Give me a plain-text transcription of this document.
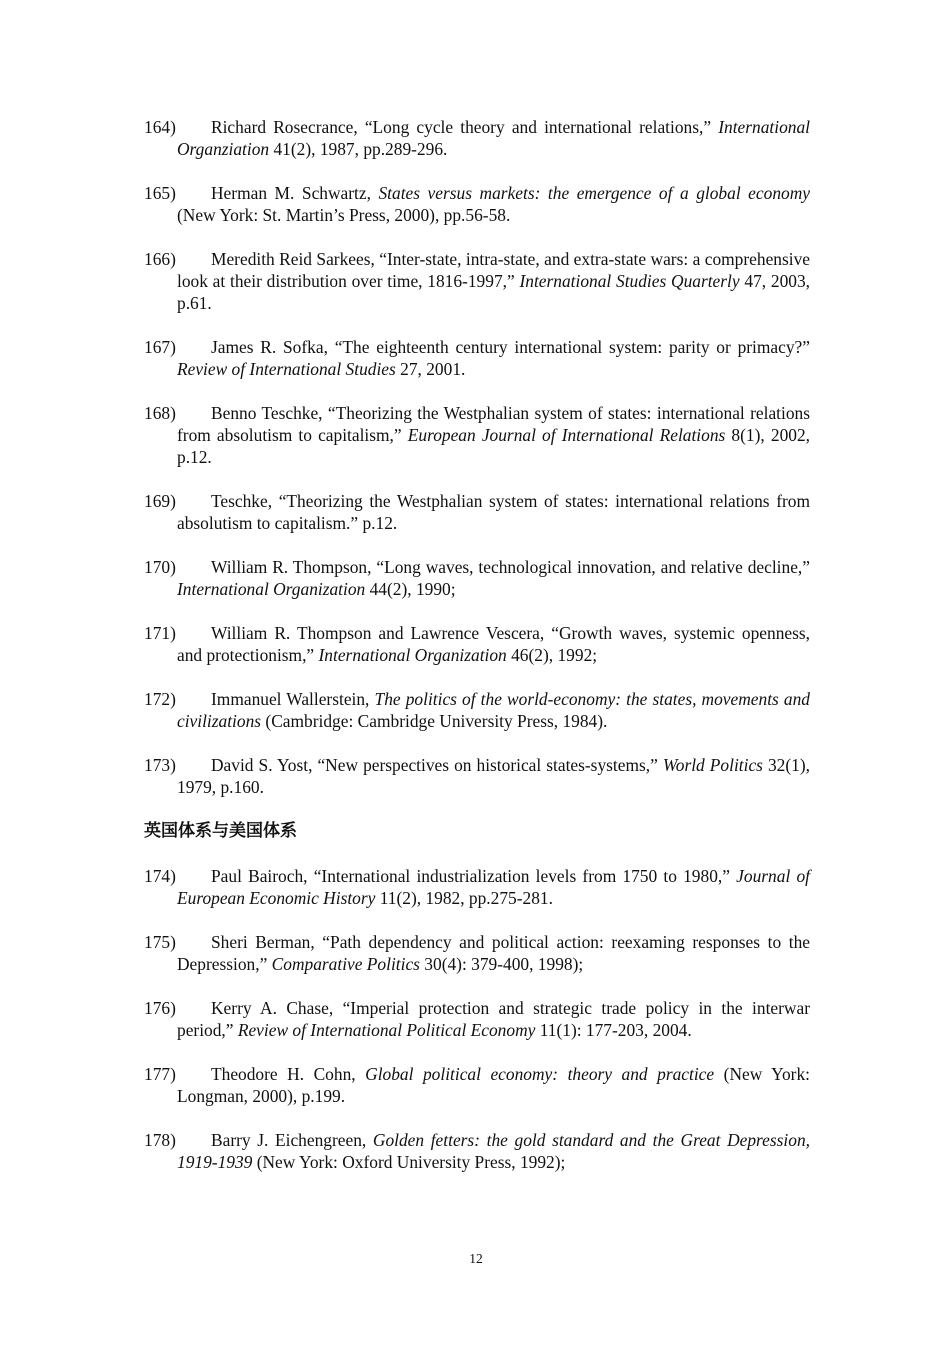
164) Richard Rosecrance, “Long cycle theory and international relations,” International Organziation 41(2), 1987, pp.289-296.
165) Herman M. Schwartz, States versus markets: the emergence of a global economy (New York: St. Martin’s Press, 2000), pp.56-58.
166) Meredith Reid Sarkees, “Inter-state, intra-state, and extra-state wars: a comprehensive look at their distribution over time, 1816-1997,” International Studies Quarterly 47, 2003, p.61.
167) James R. Sofka, “The eighteenth century international system: parity or primacy?” Review of International Studies 27, 2001.
168) Benno Teschke, “Theorizing the Westphalian system of states: international relations from absolutism to capitalism,” European Journal of International Relations 8(1), 2002, p.12.
169) Teschke, “Theorizing the Westphalian system of states: international relations from absolutism to capitalism.” p.12.
170) William R. Thompson, “Long waves, technological innovation, and relative decline,” International Organization 44(2), 1990;
171) William R. Thompson and Lawrence Vescera, “Growth waves, systemic openness, and protectionism,” International Organization 46(2), 1992;
172) Immanuel Wallerstein, The politics of the world-economy: the states, movements and civilizations (Cambridge: Cambridge University Press, 1984).
173) David S. Yost, “New perspectives on historical states-systems,” World Politics 32(1), 1979, p.160.
英国体系与美国体系
174) Paul Bairoch, “International industrialization levels from 1750 to 1980,” Journal of European Economic History 11(2), 1982, pp.275-281.
175) Sheri Berman, “Path dependency and political action: reexaming responses to the Depression,” Comparative Politics 30(4): 379-400, 1998);
176) Kerry A. Chase, “Imperial protection and strategic trade policy in the interwar period,” Review of International Political Economy 11(1): 177-203, 2004.
177) Theodore H. Cohn, Global political economy: theory and practice (New York: Longman, 2000), p.199.
178) Barry J. Eichengreen, Golden fetters: the gold standard and the Great Depression, 1919-1939 (New York: Oxford University Press, 1992);
12
